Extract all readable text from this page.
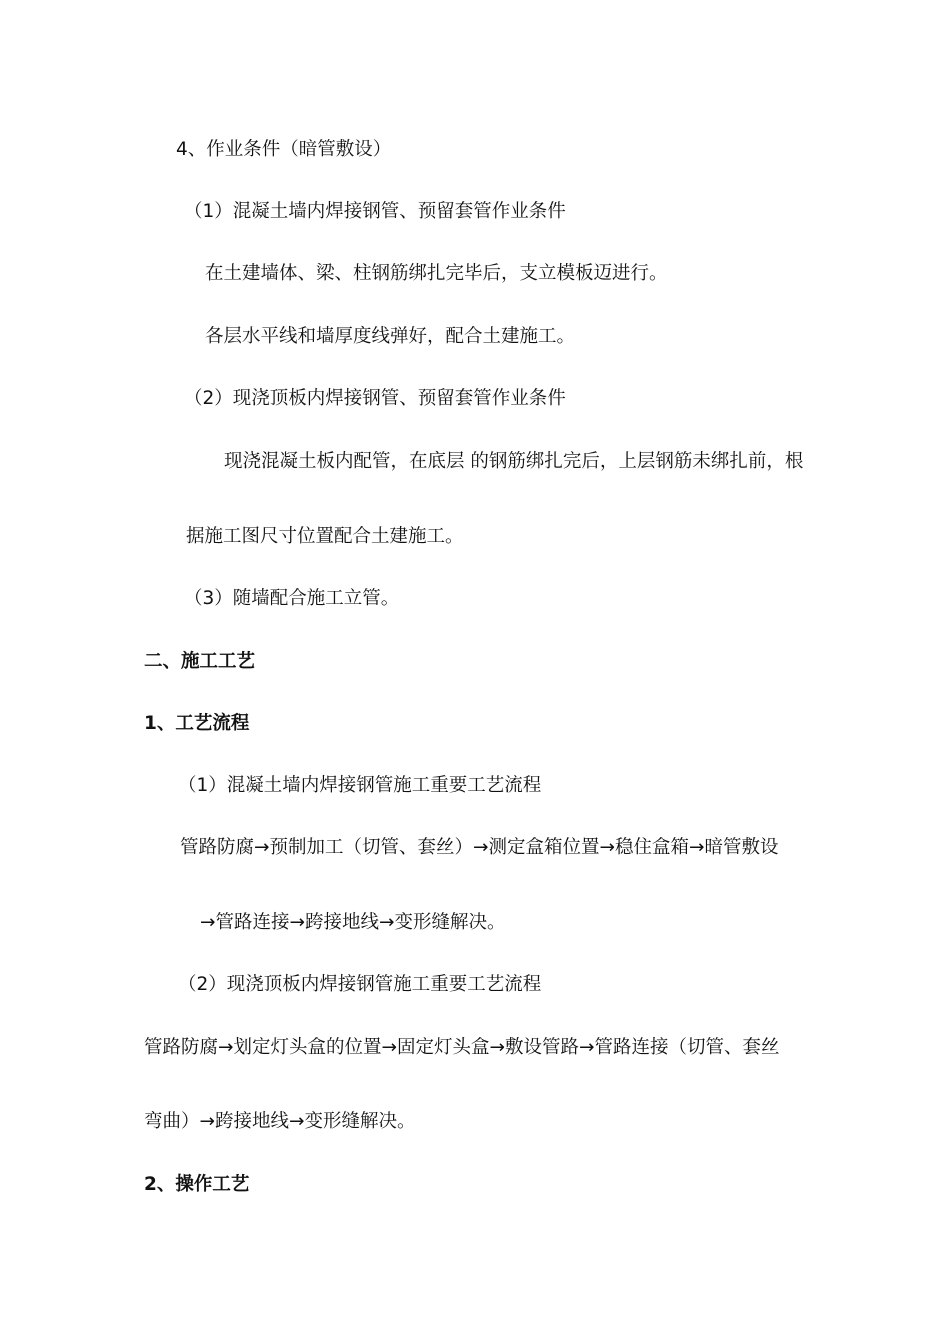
4、作业条件（暗管敷设）
（1）混凝土墙内焊接钢管、预留套管作业条件
在土建墙体、梁、柱钢筋绑扎完毕后，支立模板迈进行。
各层水平线和墙厚度线弹好，配合土建施工。
（2）现浇顶板内焊接钢管、预留套管作业条件
现浇混凝土板内配管，在底层 的钢筋绑扎完后，上层钢筋未绑扎前，根
据施工图尺寸位置配合土建施工。
（3）随墙配合施工立管。
二、施工工艺
1、工艺流程
（1）混凝土墙内焊接钢管施工重要工艺流程
管路防腐→预制加工（切管、套丝）→测定盒箱位置→稳住盒箱→暗管敷设
→管路连接→跨接地线→变形缝解决。
（2）现浇顶板内焊接钢管施工重要工艺流程
管路防腐→划定灯头盒的位置→固定灯头盒→敷设管路→管路连接（切管、套丝
弯曲）→跨接地线→变形缝解决。
2、操作工艺
